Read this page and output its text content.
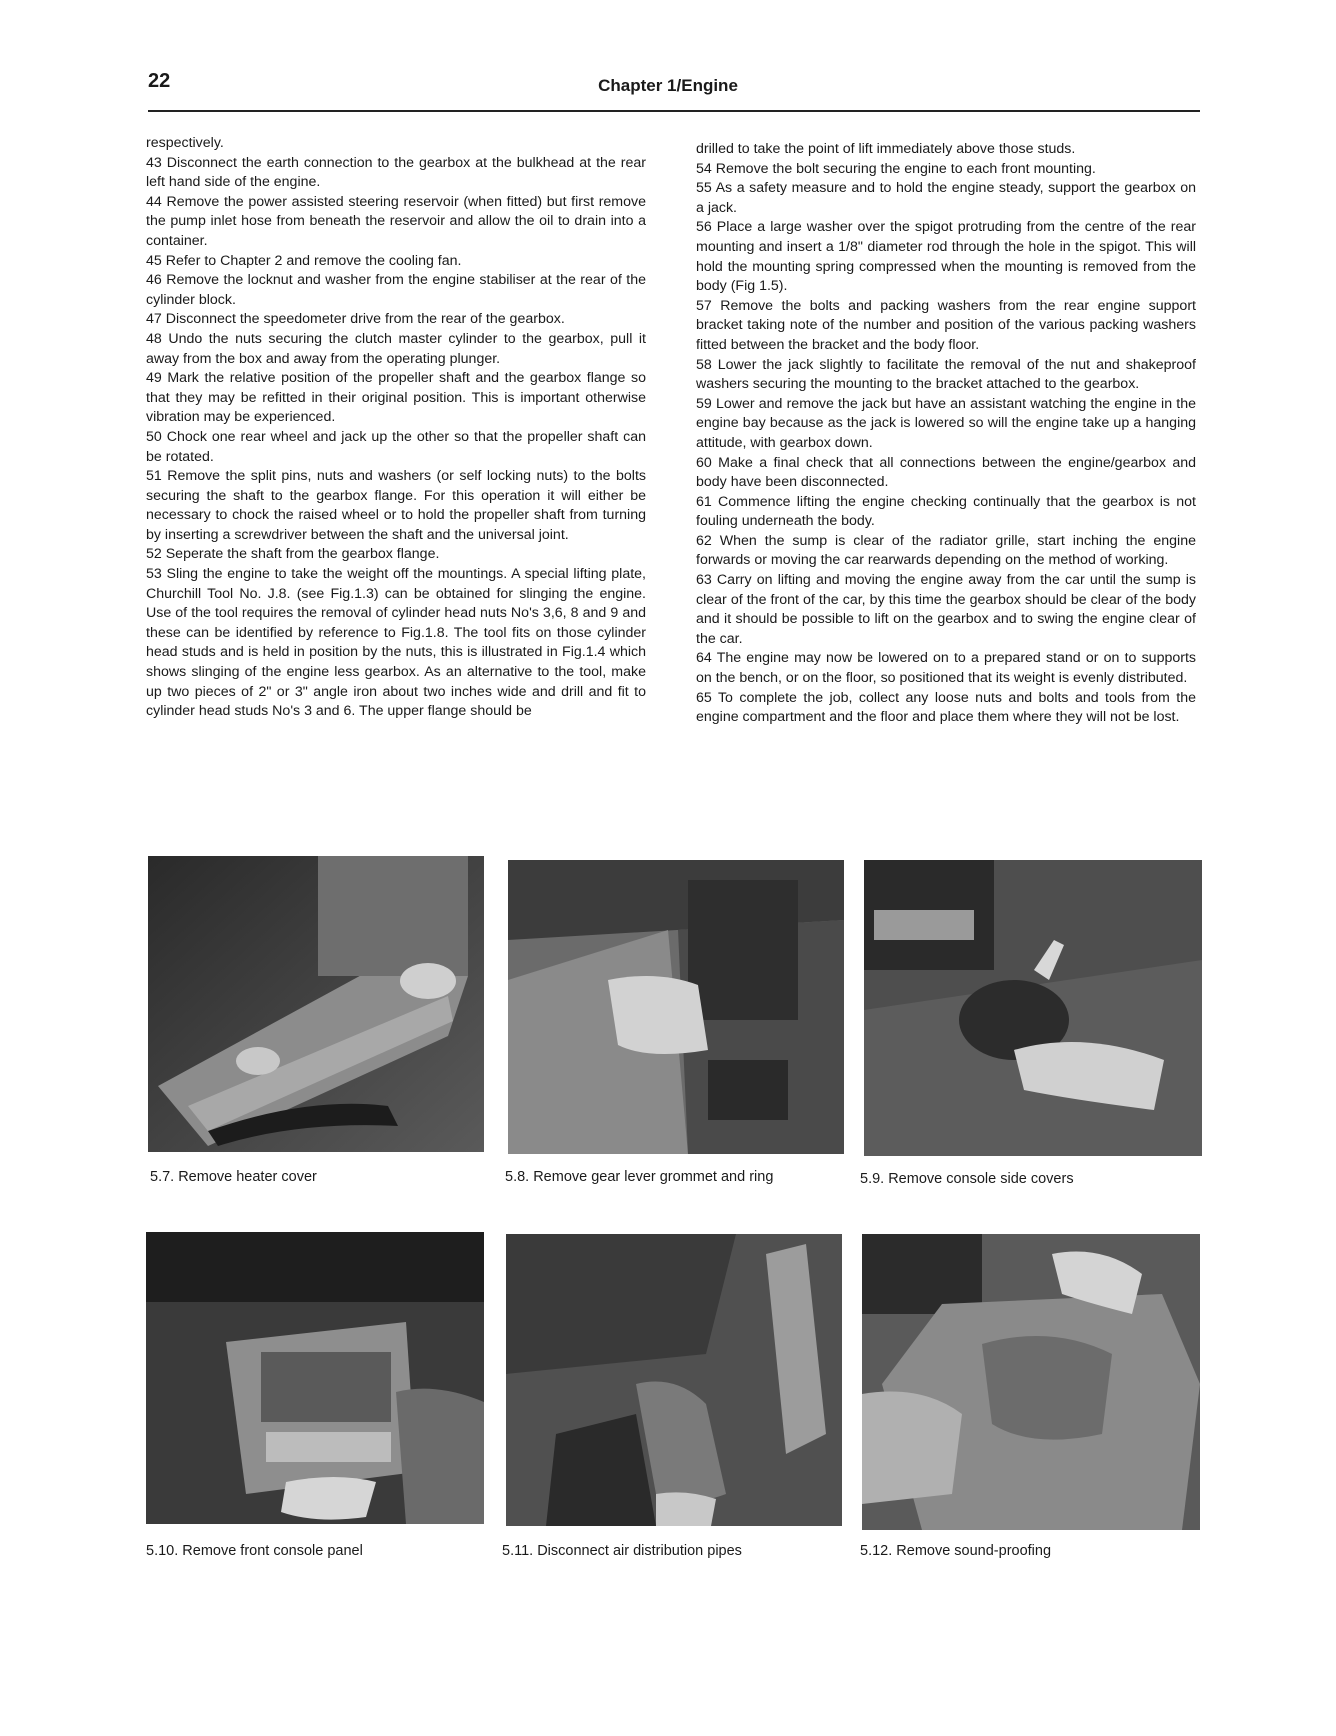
22	Chapter 1/Engine

respectively.

43 Disconnect the earth connection to the gearbox at the bulkhead at the rear left hand side of the engine.

44 Remove the power assisted steering reservoir (when fitted) but first remove the pump inlet hose from beneath the reservoir and allow the oil to drain into a container.

45 Refer to Chapter 2 and remove the cooling fan.

46 Remove the locknut and washer from the engine stabiliser at the rear of the cylinder block.

47 Disconnect the speedometer drive from the rear of the gearbox.

48 Undo the nuts securing the clutch master cylinder to the gearbox, pull it away from the box and away from the operating plunger.

49 Mark the relative position of the propeller shaft and the gearbox flange so that they may be refitted in their original position. This is important otherwise vibration may be experienced.

50 Chock one rear wheel and jack up the other so that the propeller shaft can be rotated.

51 Remove the split pins, nuts and washers (or self locking nuts) to the bolts securing the shaft to the gearbox flange. For this operation it will either be necessary to chock the raised wheel or to hold the propeller shaft from turning by inserting a screwdriver between the shaft and the universal joint.

52 Seperate the shaft from the gearbox flange.

53 Sling the engine to take the weight off the mountings. A special lifting plate, Churchill Tool No. J.8. (see Fig.1.3) can be obtained for slinging the engine. Use of the tool requires the removal of cylinder head nuts No's 3,6, 8 and 9 and these can be identified by reference to Fig.1.8. The tool fits on those cylinder head studs and is held in position by the nuts, this is illustrated in Fig.1.4 which shows slinging of the engine less gearbox. As an alternative to the tool, make up two pieces of 2" or 3" angle iron about two inches wide and drill and fit to cylinder head studs No's 3 and 6. The upper flange should be

drilled to take the point of lift immediately above those studs.

54 Remove the bolt securing the engine to each front mounting.

55 As a safety measure and to hold the engine steady, support the gearbox on a jack.

56 Place a large washer over the spigot protruding from the centre of the rear mounting and insert a 1/8" diameter rod through the hole in the spigot. This will hold the mounting spring compressed when the mounting is removed from the body (Fig 1.5).

57 Remove the bolts and packing washers from the rear engine support bracket taking note of the number and position of the various packing washers fitted between the bracket and the body floor.

58 Lower the jack slightly to facilitate the removal of the nut and shakeproof washers securing the mounting to the bracket attached to the gearbox.

59 Lower and remove the jack but have an assistant watching the engine in the engine bay because as the jack is lowered so will the engine take up a hanging attitude, with gearbox down.

60 Make a final check that all connections between the engine/gearbox and body have been disconnected.

61 Commence lifting the engine checking continually that the gearbox is not fouling underneath the body.

62 When the sump is clear of the radiator grille, start inching the engine forwards or moving the car rearwards depending on the method of working.

63 Carry on lifting and moving the engine away from the car until the sump is clear of the front of the car, by this time the gearbox should be clear of the body and it should be possible to lift on the gearbox and to swing the engine clear of the car.

64 The engine may now be lowered on to a prepared stand or on to supports on the bench, or on the floor, so positioned that its weight is evenly distributed.

65 To complete the job, collect any loose nuts and bolts and tools from the engine compartment and the floor and place them where they will not be lost.

5.7. Remove heater cover	5.8. Remove gear lever grommet and ring	5.9. Remove console side covers
5.10. Remove front console panel	5.11. Disconnect air distribution pipes	5.12. Remove sound-proofing
